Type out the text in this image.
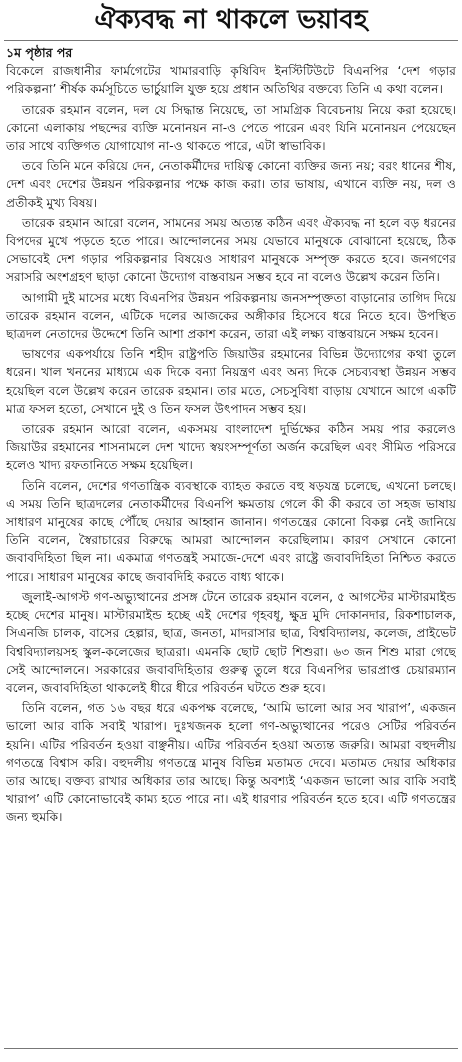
ঐক্যবদ্ধ না থাকলে ভয়াবহ

১ম পৃষ্ঠার পর

বিকেলে রাজধানীর ফার্মগেটের খামারবাড়ি কৃষিবিদ ইনস্টিটিউটে বিএনপির ‘দেশ গড়ার পরিকল্পনা’ শীর্ষক কর্মসূচিতে ভার্চুয়ালি যুক্ত হয়ে প্রধান অতিথির বক্তব্যে তিনি এ কথা বলেন।

তারেক রহমান বলেন, দল যে সিদ্ধান্ত নিয়েছে, তা সামগ্রিক বিবেচনায় নিয়ে করা হয়েছে। কোনো এলাকায় পছন্দের ব্যক্তি মনোনয়ন না-ও পেতে পারেন এবং যিনি মনোনয়ন পেয়েছেন তার সাথে ব্যক্তিগত যোগাযোগ না-ও থাকতে পারে, এটা স্বাভাবিক।

তবে তিনি মনে করিয়ে দেন, নেতাকর্মীদের দায়িত্ব কোনো ব্যক্তির জন্য নয়; বরং ধানের শীষ, দেশ এবং দেশের উন্নয়ন পরিকল্পনার পক্ষে কাজ করা। তার ভাষায়, এখানে ব্যক্তি নয়, দল ও প্রতীকই মুখ্য বিষয়।

তারেক রহমান আরো বলেন, সামনের সময় অত্যন্ত কঠিন এবং ঐক্যবদ্ধ না হলে বড় ধরনের বিপদের মুখে পড়তে হতে পারে। আন্দোলনের সময় যেভাবে মানুষকে বোঝানো হয়েছে, ঠিক সেভাবেই দেশ গড়ার পরিকল্পনার বিষয়েও সাধারণ মানুষকে সম্পৃক্ত করতে হবে। জনগণের সরাসরি অংশগ্রহণ ছাড়া কোনো উদ্যোগ বাস্তবায়ন সম্ভব হবে না বলেও উল্লেখ করেন তিনি।

আগামী দুই মাসের মধ্যে বিএনপির উন্নয়ন পরিকল্পনায় জনসম্পৃক্ততা বাড়ানোর তাগিদ দিয়ে তারেক রহমান বলেন, এটিকে দলের আজকের অঙ্গীকার হিসেবে ধরে নিতে হবে। উপস্থিত ছাত্রদল নেতাদের উদ্দেশে তিনি আশা প্রকাশ করেন, তারা এই লক্ষ্য বাস্তবায়নে সক্ষম হবেন।

ভাষণের একপর্যায়ে তিনি শহীদ রাষ্ট্রপতি জিয়াউর রহমানের বিভিন্ন উদ্যোগের কথা তুলে ধরেন। খাল খননের মাধ্যমে এক দিকে বন্যা নিয়ন্ত্রণ এবং অন্য দিকে সেচব্যবস্থা উন্নয়ন সম্ভব হয়েছিল বলে উল্লেখ করেন তারেক রহমান। তার মতে, সেচসুবিধা বাড়ায় যেখানে আগে একটি মাত্র ফসল হতো, সেখানে দুই ও তিন ফসল উৎপাদন সম্ভব হয়।

তারেক রহমান আরো বলেন, একসময় বাংলাদেশ দুর্ভিক্ষের কঠিন সময় পার করলেও জিয়াউর রহমানের শাসনামলে দেশ খাদ্যে স্বয়ংসম্পূর্ণতা অর্জন করেছিল এবং সীমিত পরিসরে হলেও খাদ্য রফতানিতে সক্ষম হয়েছিল।

তিনি বলেন, দেশের গণতান্ত্রিক ব্যবস্থাকে ব্যাহত করতে বহু ষড়যন্ত্র চলেছে, এখনো চলছে। এ সময় তিনি ছাত্রদলের নেতাকর্মীদের বিএনপি ক্ষমতায় গেলে কী কী করবে তা সহজ ভাষায় সাধারণ মানুষের কাছে পৌঁছে দেয়ার আহ্বান জানান। গণতন্ত্রের কোনো বিকল্প নেই জানিয়ে তিনি বলেন, স্বৈরাচারের বিরুদ্ধে আমরা আন্দোলন করেছিলাম। কারণ সেখানে কোনো জবাবদিহিতা ছিল না। একমাত্র গণতন্ত্রই সমাজে-দেশে এবং রাষ্ট্রে জবাবদিহিতা নিশ্চিত করতে পারে। সাধারণ মানুষের কাছে জবাবদিহি করতে বাধ্য থাকে।

জুলাই-আগস্ট গণ-অভ্যুত্থানের প্রসঙ্গ টেনে তারেক রহমান বলেন, ৫ আগস্টের মাস্টারমাইন্ড হচ্ছে দেশের মানুষ। মাস্টারমাইন্ড হচ্ছে এই দেশের গৃহবধূ, ক্ষুদ্র মুদি দোকানদার, রিকশাচালক, সিএনজি চালক, বাসের হেল্পার, ছাত্র, জনতা, মাদরাসার ছাত্র, বিশ্ববিদ্যালয়, কলেজ, প্রাইভেট বিশ্ববিদ্যালয়সহ স্কুল-কলেজের ছাত্ররা। এমনকি ছোট ছোট শিশুরা। ৬৩ জন শিশু মারা গেছে সেই আন্দোলনে। সরকারের জবাবদিহিতার গুরুত্ব তুলে ধরে বিএনপির ভারপ্রাপ্ত চেয়ারম্যান বলেন, জবাবদিহিতা থাকলেই ধীরে ধীরে পরিবর্তন ঘটতে শুরু হবে।

তিনি বলেন, গত ১৬ বছর ধরে একপক্ষ বলেছে, ‘আমি ভালো আর সব খারাপ’, একজন ভালো আর বাকি সবাই খারাপ। দুঃখজনক হলো গণ-অভ্যুত্থানের পরেও সেটির পরিবর্তন হয়নি। এটির পরিবর্তন হওয়া বাঞ্ছনীয়। এটির পরিবর্তন হওয়া অত্যন্ত জরুরি। আমরা বহুদলীয় গণতন্ত্রে বিশ্বাস করি। বহুদলীয় গণতন্ত্রে মানুষ বিভিন্ন মতামত দেবে। মতামত দেয়ার অধিকার তার আছে। বক্তব্য রাখার অধিকার তার আছে। কিন্তু অবশ্যই ‘একজন ভালো আর বাকি সবাই খারাপ’ এটি কোনোভাবেই কাম্য হতে পারে না। এই ধারণার পরিবর্তন হতে হবে। এটি গণতন্ত্রের জন্য হুমকি।
